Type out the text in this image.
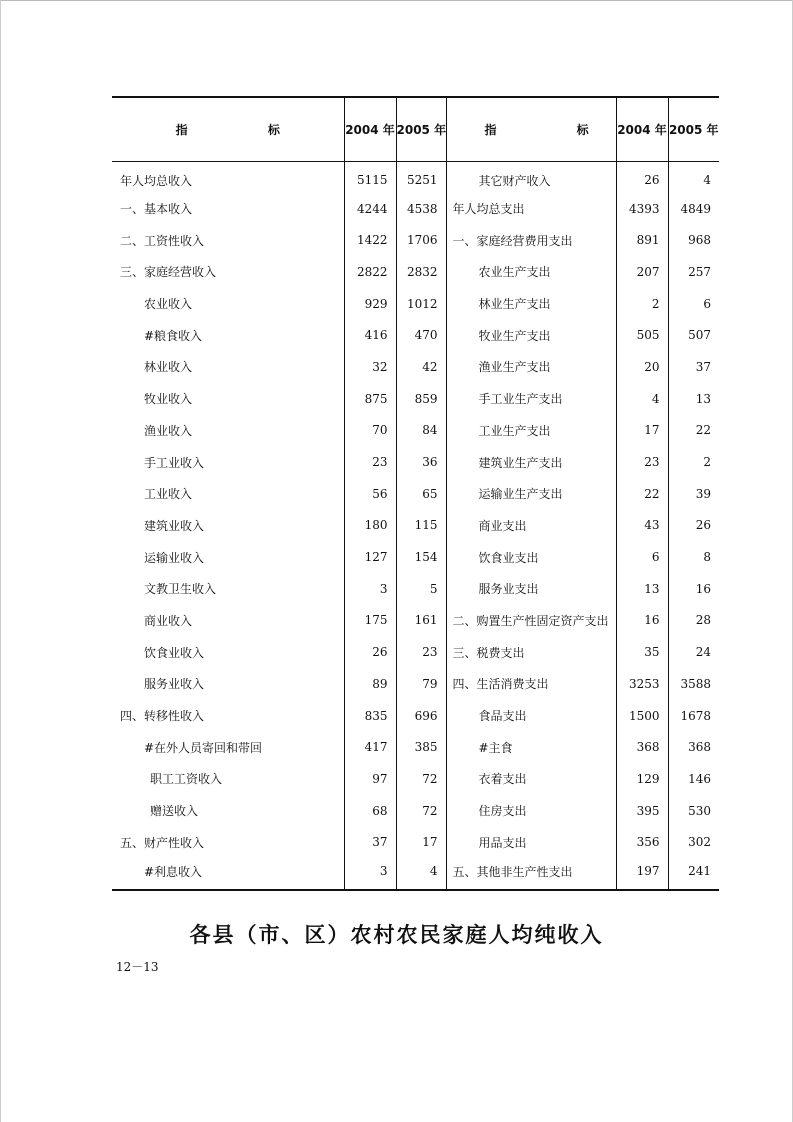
指 标	2004 年	2005 年	指 标	2004 年	2005 年
年人均总收入	5115	5251	其它财产收入	26	4
一、基本收入	4244	4538	年人均总支出	4393	4849
二、工资性收入	1422	1706	一、家庭经营费用支出	891	968
三、家庭经营收入	2822	2832	农业生产支出	207	257
农业收入	929	1012	林业生产支出	2	6
#粮食收入	416	470	牧业生产支出	505	507
林业收入	32	42	渔业生产支出	20	37
牧业收入	875	859	手工业生产支出	4	13
渔业收入	70	84	工业生产支出	17	22
手工业收入	23	36	建筑业生产支出	23	2
工业收入	56	65	运输业生产支出	22	39
建筑业收入	180	115	商业支出	43	26
运输业收入	127	154	饮食业支出	6	8
文教卫生收入	3	5	服务业支出	13	16
商业收入	175	161	二、购置生产性固定资产支出	16	28
饮食业收入	26	23	三、税费支出	35	24
服务业收入	89	79	四、生活消费支出	3253	3588
四、转移性收入	835	696	食品支出	1500	1678
#在外人员寄回和带回	417	385	#主食	368	368
职工工资收入	97	72	衣着支出	129	146
赠送收入	68	72	住房支出	395	530
五、财产性收入	37	17	用品支出	356	302
#利息收入	3	4	五、其他非生产性支出	197	241
各县（市、区）农村农民家庭人均纯收入
12－13
